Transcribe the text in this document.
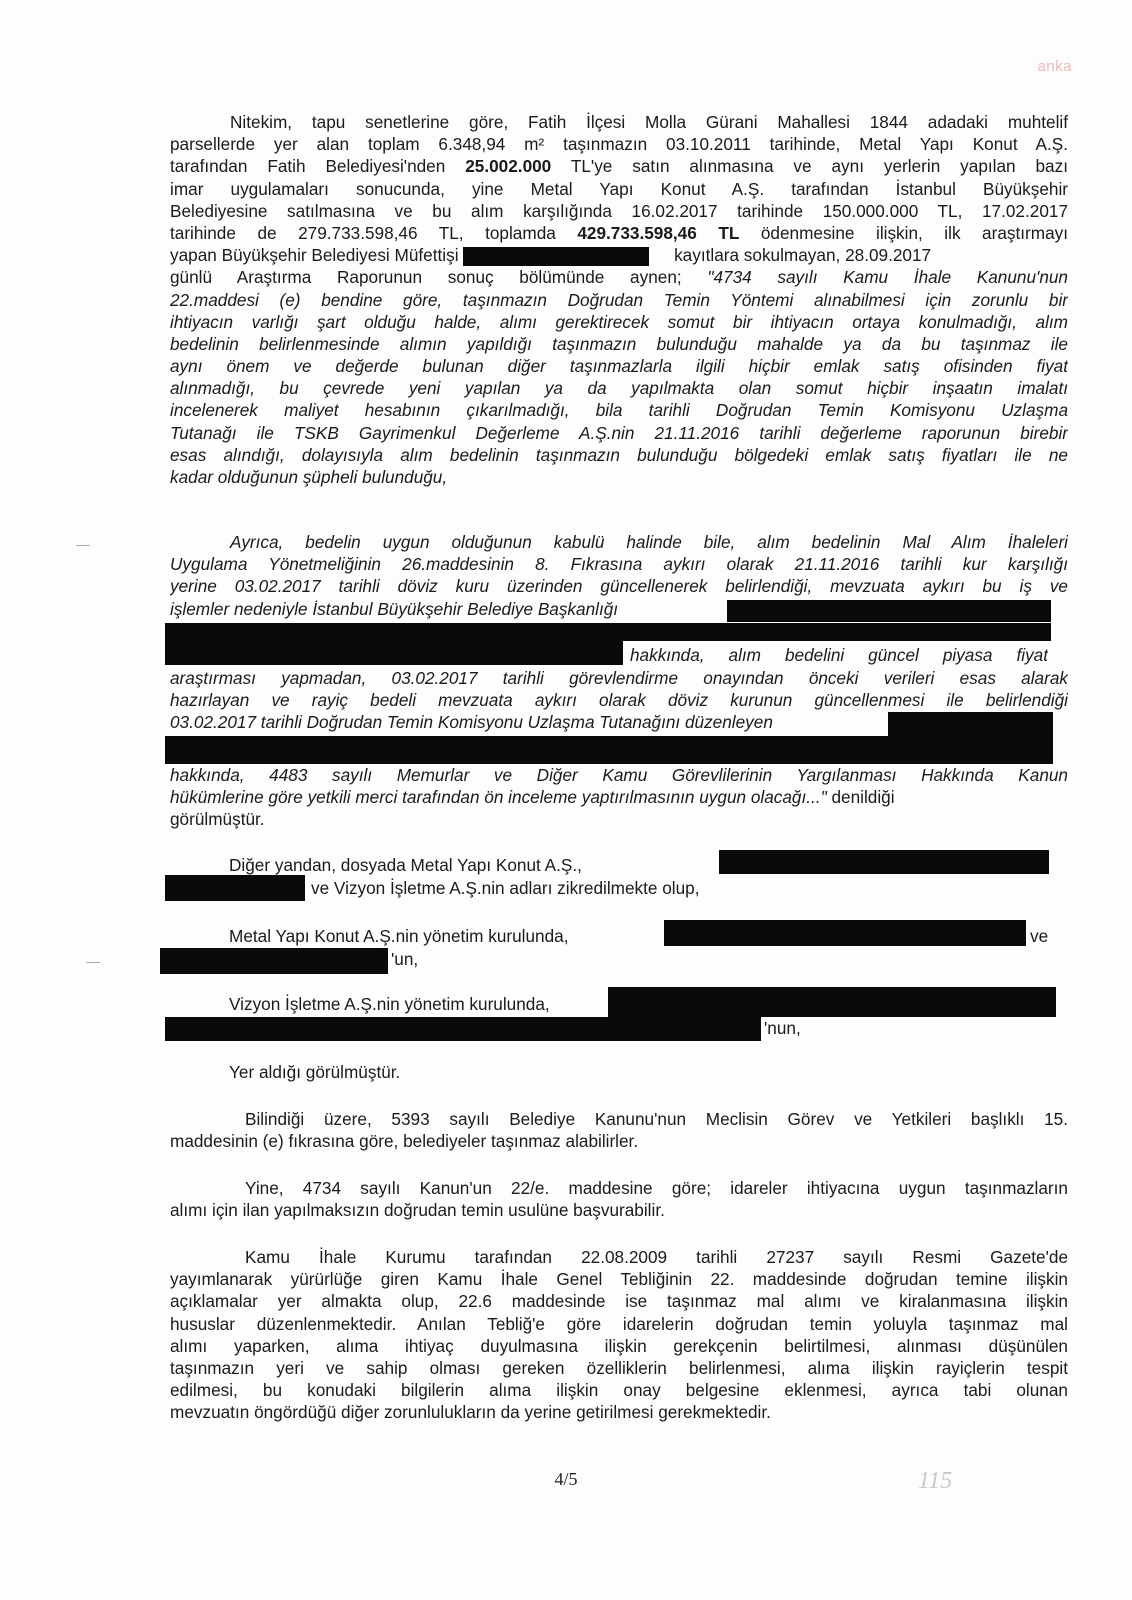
anka
Nitekim, tapu senetlerine göre, Fatih İlçesi Molla Gürani Mahallesi 1844 adadaki muhtelif
parsellerde yer alan toplam 6.348,94 m² taşınmazın 03.10.2011 tarihinde, Metal Yapı Konut A.Ş.
tarafından Fatih Belediyesi'nden 25.002.000 TL'ye satın alınmasına ve aynı yerlerin yapılan bazı
imar uygulamaları sonucunda, yine Metal Yapı Konut A.Ş. tarafından İstanbul Büyükşehir
Belediyesine satılmasına ve bu alım karşılığında 16.02.2017 tarihinde 150.000.000 TL, 17.02.2017
tarihinde de 279.733.598,46 TL, toplamda 429.733.598,46 TL ödenmesine ilişkin, ilk araştırmayı
yapan Büyükşehir Belediyesi Müfettişi	kayıtlara sokulmayan, 28.09.2017
günlü Araştırma Raporunun sonuç bölümünde aynen; "4734 sayılı Kamu İhale Kanunu'nun
22.maddesi (e) bendine göre, taşınmazın Doğrudan Temin Yöntemi alınabilmesi için zorunlu bir
ihtiyacın varlığı şart olduğu halde, alımı gerektirecek somut bir ihtiyacın ortaya konulmadığı, alım
bedelinin belirlenmesinde alımın yapıldığı taşınmazın bulunduğu mahalde ya da bu taşınmaz ile
aynı önem ve değerde bulunan diğer taşınmazlarla ilgili hiçbir emlak satış ofisinden fiyat
alınmadığı, bu çevrede yeni yapılan ya da yapılmakta olan somut hiçbir inşaatın imalatı
incelenerek maliyet hesabının çıkarılmadığı, bila tarihli Doğrudan Temin Komisyonu Uzlaşma
Tutanağı ile TSKB Gayrimenkul Değerleme A.Ş.nin 21.11.2016 tarihli değerleme raporunun birebir
esas alındığı, dolayısıyla alım bedelinin taşınmazın bulunduğu bölgedeki emlak satış fiyatları ile ne
kadar olduğunun şüpheli bulunduğu,
Ayrıca, bedelin uygun olduğunun kabulü halinde bile, alım bedelinin Mal Alım İhaleleri
Uygulama Yönetmeliğinin 26.maddesinin 8. Fıkrasına aykırı olarak 21.11.2016 tarihli kur karşılığı
yerine 03.02.2017 tarihli döviz kuru üzerinden güncellenerek belirlendiği, mevzuata aykırı bu iş ve
işlemler nedeniyle İstanbul Büyükşehir Belediye Başkanlığı
hakkında, alım bedelini güncel piyasa fiyat
araştırması yapmadan, 03.02.2017 tarihli görevlendirme onayından önceki verileri esas alarak
hazırlayan ve rayiç bedeli mevzuata aykırı olarak döviz kurunun güncellenmesi ile belirlendiği
03.02.2017 tarihli Doğrudan Temin Komisyonu Uzlaşma Tutanağını düzenleyen
hakkında, 4483 sayılı Memurlar ve Diğer Kamu Görevlilerinin Yargılanması Hakkında Kanun
hükümlerine göre yetkili merci tarafından ön inceleme yaptırılmasının uygun olacağı..." denildiği
görülmüştür.
Diğer yandan, dosyada Metal Yapı Konut A.Ş.,
ve Vizyon İşletme A.Ş.nin adları zikredilmekte olup,
Metal Yapı Konut A.Ş.nin yönetim kurulunda,	ve
'un,
Vizyon İşletme A.Ş.nin yönetim kurulunda,
'nun,
Yer aldığı görülmüştür.
Bilindiği üzere, 5393 sayılı Belediye Kanunu'nun Meclisin Görev ve Yetkileri başlıklı 15.
maddesinin (e) fıkrasına göre, belediyeler taşınmaz alabilirler.
Yine, 4734 sayılı Kanun'un 22/e. maddesine göre; idareler ihtiyacına uygun taşınmazların
alımı için ilan yapılmaksızın doğrudan temin usulüne başvurabilir.
Kamu İhale Kurumu tarafından 22.08.2009 tarihli 27237 sayılı Resmi Gazete'de
yayımlanarak yürürlüğe giren Kamu İhale Genel Tebliğinin 22. maddesinde doğrudan temine ilişkin
açıklamalar yer almakta olup, 22.6 maddesinde ise taşınmaz mal alımı ve kiralanmasına ilişkin
hususlar düzenlenmektedir. Anılan Tebliğ'e göre idarelerin doğrudan temin yoluyla taşınmaz mal
alımı yaparken, alıma ihtiyaç duyulmasına ilişkin gerekçenin belirtilmesi, alınması düşünülen
taşınmazın yeri ve sahip olması gereken özelliklerin belirlenmesi, alıma ilişkin rayiçlerin tespit
edilmesi, bu konudaki bilgilerin alıma ilişkin onay belgesine eklenmesi, ayrıca tabi olunan
mevzuatın öngördüğü diğer zorunlulukların da yerine getirilmesi gerekmektedir.
4/5	115
